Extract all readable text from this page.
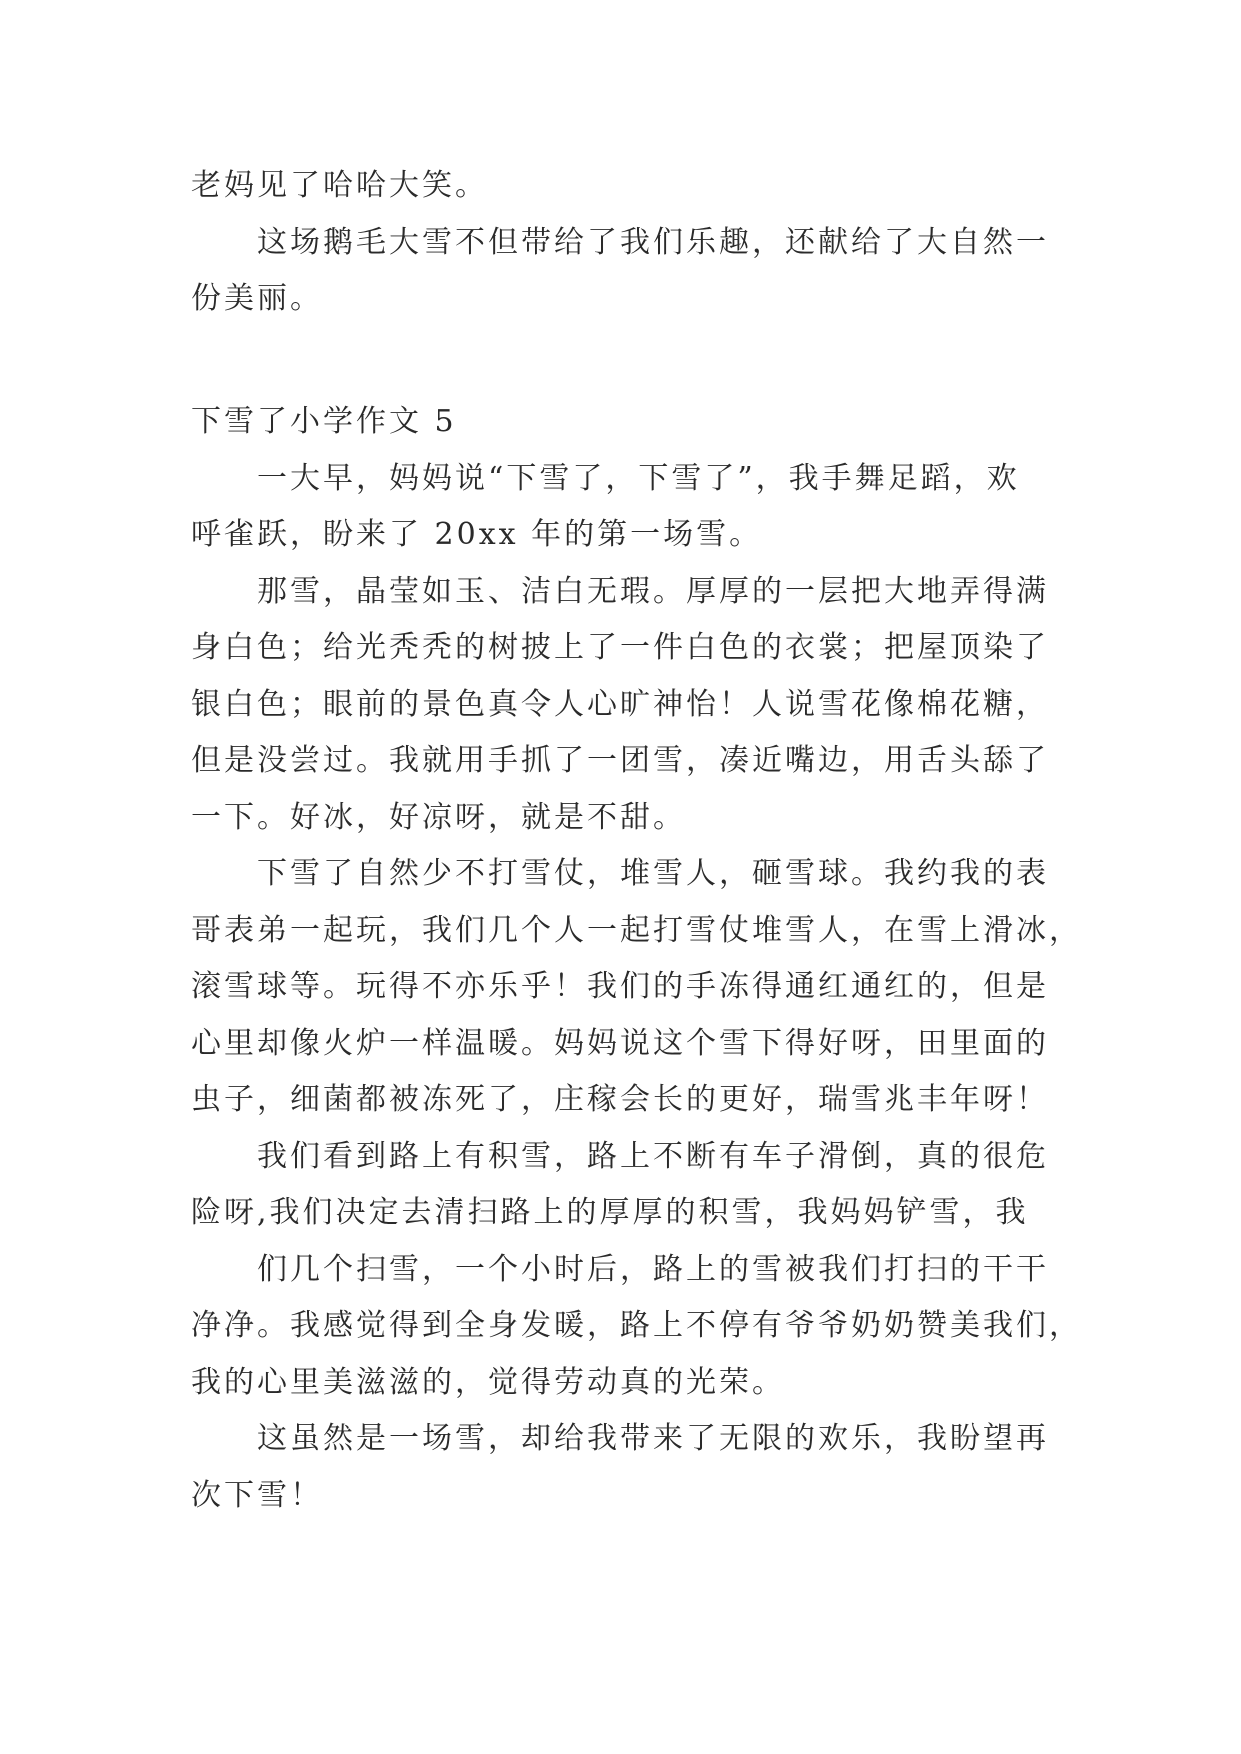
老妈见了哈哈大笑。
这场鹅毛大雪不但带给了我们乐趣，还献给了大自然一
份美丽。
下雪了小学作文 5
一大早，妈妈说“下雪了，下雪了”，我手舞足蹈，欢
呼雀跃，盼来了 20xx 年的第一场雪。
那雪，晶莹如玉、洁白无瑕。厚厚的一层把大地弄得满
身白色；给光秃秃的树披上了一件白色的衣裳；把屋顶染了
银白色；眼前的景色真令人心旷神怡！人说雪花像棉花糖，
但是没尝过。我就用手抓了一团雪，凑近嘴边，用舌头舔了
一下。好冰，好凉呀，就是不甜。
下雪了自然少不打雪仗，堆雪人，砸雪球。我约我的表
哥表弟一起玩，我们几个人一起打雪仗堆雪人，在雪上滑冰，
滚雪球等。玩得不亦乐乎！我们的手冻得通红通红的，但是
心里却像火炉一样温暖。妈妈说这个雪下得好呀，田里面的
虫子，细菌都被冻死了，庄稼会长的更好，瑞雪兆丰年呀！
我们看到路上有积雪，路上不断有车子滑倒，真的很危
险呀,我们决定去清扫路上的厚厚的积雪，我妈妈铲雪，我
们几个扫雪，一个小时后，路上的雪被我们打扫的干干
净净。我感觉得到全身发暖，路上不停有爷爷奶奶赞美我们，
我的心里美滋滋的，觉得劳动真的光荣。
这虽然是一场雪，却给我带来了无限的欢乐，我盼望再
次下雪！
